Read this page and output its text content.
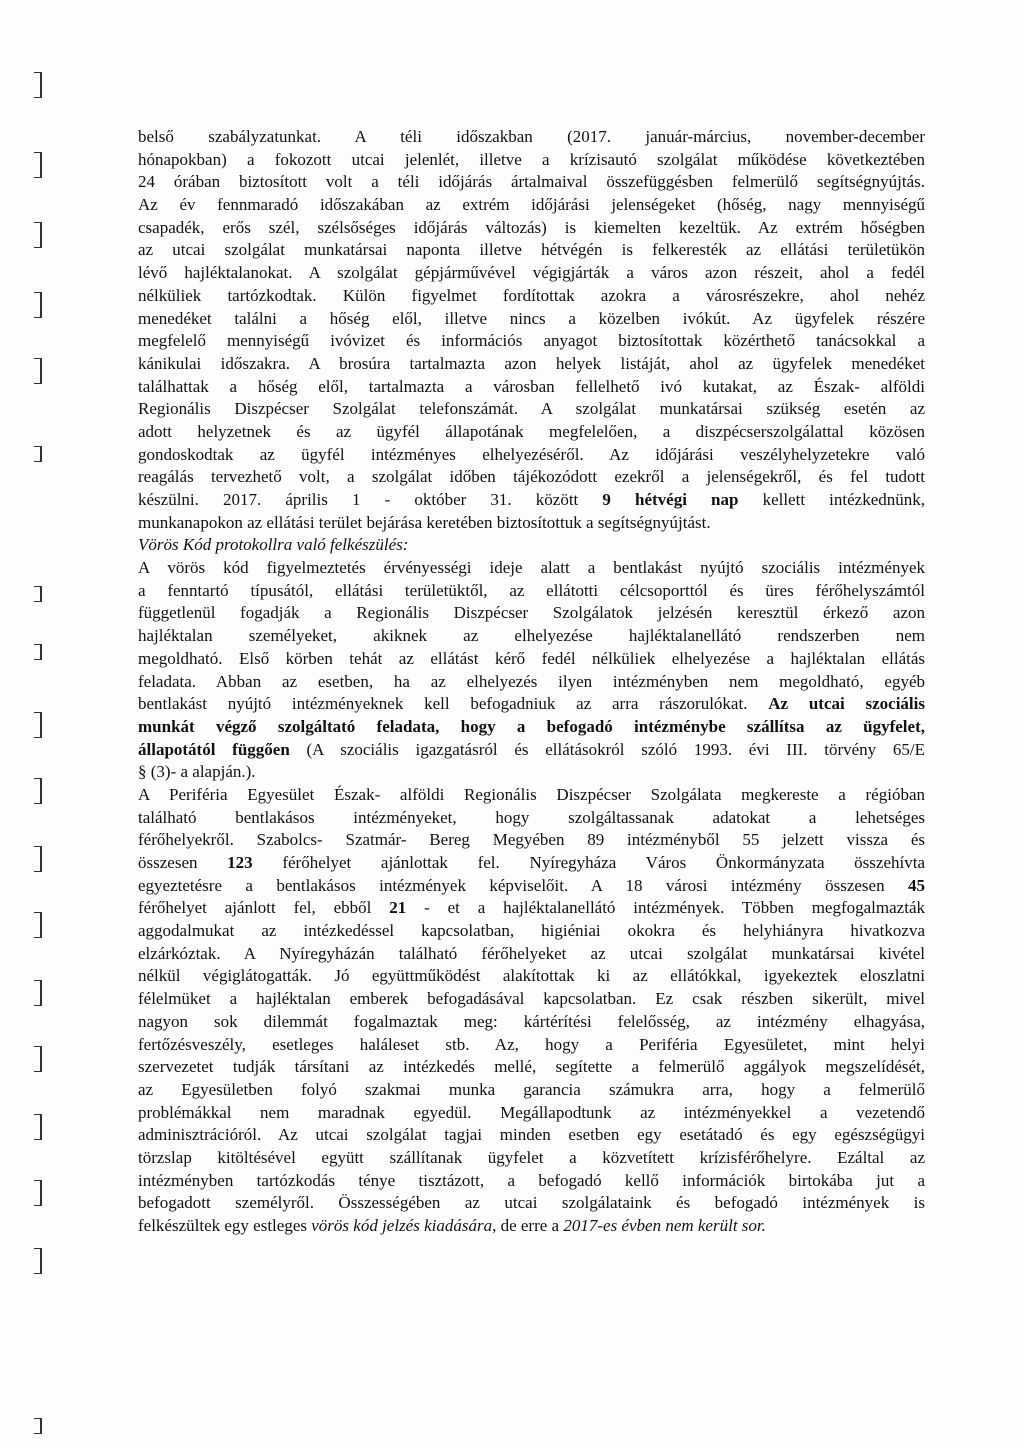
belső szabályzatunkat. A téli időszakban (2017. január-március, november-december
hónapokban) a fokozott utcai jelenlét, illetve a krízisautó szolgálat működése következtében
24 órában biztosított volt a téli időjárás ártalmaival összefüggésben felmerülő segítségnyújtás.
Az év fennmaradó időszakában az extrém időjárási jelenségeket (hőség, nagy mennyiségű
csapadék, erős szél, szélsőséges időjárás változás) is kiemelten kezeltük. Az extrém hőségben
az utcai szolgálat munkatársai naponta illetve hétvégén is felkeresték az ellátási területükön
lévő hajléktalanokat. A szolgálat gépjárművével végigjárták a város azon részeit, ahol a fedél
nélküliek tartózkodtak. Külön figyelmet fordítottak azokra a városrészekre, ahol nehéz
menedéket találni a hőség elől, illetve nincs a közelben ivókút. Az ügyfelek részére
megfelelő mennyiségű ivóvizet és információs anyagot biztosítottak közérthető tanácsokkal a
kánikulai időszakra. A brosúra tartalmazta azon helyek listáját, ahol az ügyfelek menedéket
találhattak a hőség elől, tartalmazta a városban fellelhető ivó kutakat, az Észak- alföldi
Regionális Diszpécser Szolgálat telefonszámát. A szolgálat munkatársai szükség esetén az
adott helyzetnek és az ügyfél állapotának megfelelően, a diszpécserszolgálattal közösen
gondoskodtak az ügyfél intézményes elhelyezéséről. Az időjárási veszélyhelyzetekre való
reagálás tervezhető volt, a szolgálat időben tájékozódott ezekről a jelenségekről, és fel tudott
készülni. 2017. április 1 - október 31. között 9 hétvégi nap kellett intézkednünk,
munkanapokon az ellátási terület bejárása keretében biztosítottuk a segítségnyújtást.
Vörös Kód protokollra való felkészülés:
A vörös kód figyelmeztetés érvényességi ideje alatt a bentlakást nyújtó szociális intézmények
a fenntartó típusától, ellátási területüktől, az ellátotti célcsoporttól és üres férőhelyszámtól
függetlenül fogadják a Regionális Diszpécser Szolgálatok jelzésén keresztül érkező azon
hajléktalan személyeket, akiknek az elhelyezése hajléktalanellátó rendszerben nem
megoldható. Első körben tehát az ellátást kérő fedél nélküliek elhelyezése a hajléktalan ellátás
feladata. Abban az esetben, ha az elhelyezés ilyen intézményben nem megoldható, egyéb
bentlakást nyújtó intézményeknek kell befogadniuk az arra rászorulókat. Az utcai szociális
munkát végző szolgáltató feladata, hogy a befogadó intézménybe szállítsa az ügyfelet,
állapotától függően (A szociális igazgatásról és ellátásokról szóló 1993. évi III. törvény 65/E
§ (3)- a alapján.).
A Periféria Egyesület Észak- alföldi Regionális Diszpécser Szolgálata megkereste a régióban
található bentlakásos intézményeket, hogy szolgáltassanak adatokat a lehetséges
férőhelyekről. Szabolcs- Szatmár- Bereg Megyében 89 intézményből 55 jelzett vissza és
összesen 123 férőhelyet ajánlottak fel. Nyíregyháza Város Önkormányzata összehívta
egyeztetésre a bentlakásos intézmények képviselőit. A 18 városi intézmény összesen 45
férőhelyet ajánlott fel, ebből 21 - et a hajléktalanellátó intézmények. Többen megfogalmazták
aggodalmukat az intézkedéssel kapcsolatban, higiéniai okokra és helyhiányra hivatkozva
elzárkóztak. A Nyíregyházán található férőhelyeket az utcai szolgálat munkatársai kivétel
nélkül végiglátogatták. Jó együttműködést alakítottak ki az ellátókkal, igyekeztek eloszlatni
félelmüket a hajléktalan emberek befogadásával kapcsolatban. Ez csak részben sikerült, mivel
nagyon sok dilemmát fogalmaztak meg: kártérítési felelősség, az intézmény elhagyása,
fertőzésveszély, esetleges haláleset stb. Az, hogy a Periféria Egyesületet, mint helyi
szervezetet tudják társítani az intézkedés mellé, segítette a felmerülő aggályok megszelídését,
az Egyesületben folyó szakmai munka garancia számukra arra, hogy a felmerülő
problémákkal nem maradnak egyedül. Megállapodtunk az intézményekkel a vezetendő
adminisztrációról. Az utcai szolgálat tagjai minden esetben egy esetátadó és egy egészségügyi
törzslap kitöltésével együtt szállítanak ügyfelet a közvetített krízisférőhelyre. Ezáltal az
intézményben tartózkodás ténye tisztázott, a befogadó kellő információk birtokába jut a
befogadott személyről. Összességében az utcai szolgálataink és befogadó intézmények is
felkészültek egy estleges vörös kód jelzés kiadására, de erre a 2017-es évben nem került sor.
